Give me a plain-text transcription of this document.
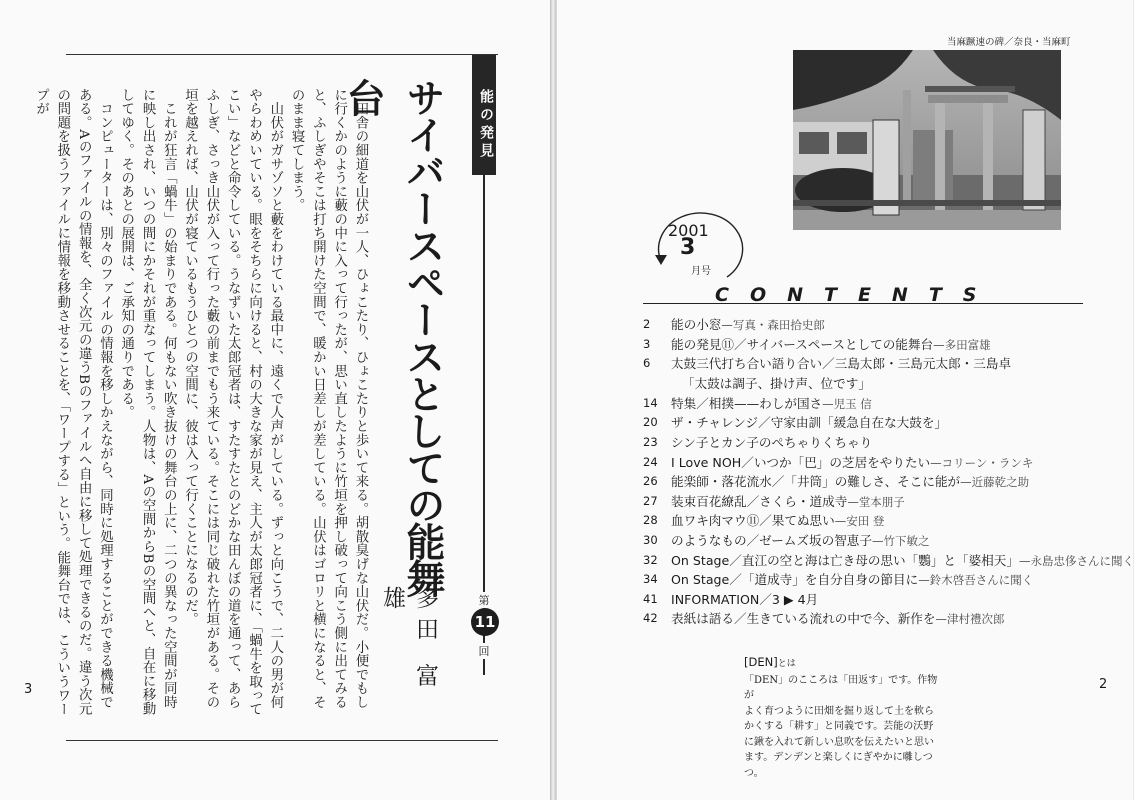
能の発見
サイバースペースとしての能舞台
多田 富雄	第
11
回
　田舎の細道を山伏が一人、ひょこたり、ひょこたりと歩いて来る。胡散臭げな山伏だ。小便でもしに行くかのように藪の中に入って行ったが、思い直したように竹垣を押し破って向こう側に出てみると、ふしぎやそこは打ち開けた空間で、暖かい日差しが差している。山伏はゴロリと横になると、そのまま寝てしまう。
　山伏がガサゾソと藪をわけている最中に、遠くで人声がしている。ずっと向こうで、二人の男が何やらわめいている。眼をそちらに向けると、村の大きな家が見え、主人が太郎冠者に、「蝸牛を取ってこい」などと命令している。うなずいた太郎冠者は、すたすたとのどかな田んぼの道を通って、あらふしぎ、さっき山伏が入って行った藪の前までもう来ている。そこには同じ破れた竹垣がある。その垣を越えれば、山伏が寝ているもうひとつの空間に、彼は入って行くことになるのだ。
　これが狂言「蝸牛」の始まりである。何もない吹き抜けの舞台の上に、二つの異なった空間が同時に映し出され、いつの間にかそれが重なってしまう。人物は、Aの空間からBの空間へと、自在に移動してゆく。そのあとの展開は、ご承知の通りである。
　コンピューターは、別々のファイルの情報を移しかえながら、同時に処理することができる機械である。Aのファイルの情報を、全く次元の違うBのファイルへ自由に移して処理できるのだ。違う次元の問題を扱うファイルに情報を移動させることを、「ワープする」という。能舞台では、こういうワープが
3
当麻蹶速の碑／奈良・当麻町
2001
3
月号
CONTENTS
2	能の小窓—写真・森田拾史郎
3	能の発見⑪／サイバースペースとしての能舞台—多田富雄
6	太鼓三代打ち合い語り合い／三島太郎・三島元太郎・三島卓
「太鼓は調子、掛け声、位です」
14	特集／相撲——わしが国さ—児玉 信
20	ザ・チャレンジ／守家由訓「緩急自在な大鼓を」
23	シン子とカン子のぺちゃりくちゃり
24	I Love NOH／いつか「巴」の芝居をやりたい—コリーン・ランキ
26	能楽師・落花流水／「井筒」の難しさ、そこに能が—近藤乾之助
27	装束百花繚乱／さくら・道成寺—堂本朋子
28	血ワキ肉マウ⑪／果てぬ思い—安田 登
30	のようなもの／ゼームズ坂の智恵子—竹下敏之
32	On Stage／直江の空と海は亡き母の思い「鸚」と「婆相天」—永島忠侈さんに聞く
34	On Stage／「道成寺」を自分自身の節目に—鈴木啓吾さんに聞く
41	INFORMATION／3 ▶ 4月
42	表紙は語る／生きている流れの中で今、新作を—津村禮次郎
[DEN]とは
「DEN」のこころは「田返す」です。作物が
よく育つように田畑を掘り返して土を軟ら
かくする「耕す」と同義です。芸能の沃野
に鍬を入れて新しい息吹を伝えたいと思い
ます。デンデンと楽しくにぎやかに囃しつつ。
2
